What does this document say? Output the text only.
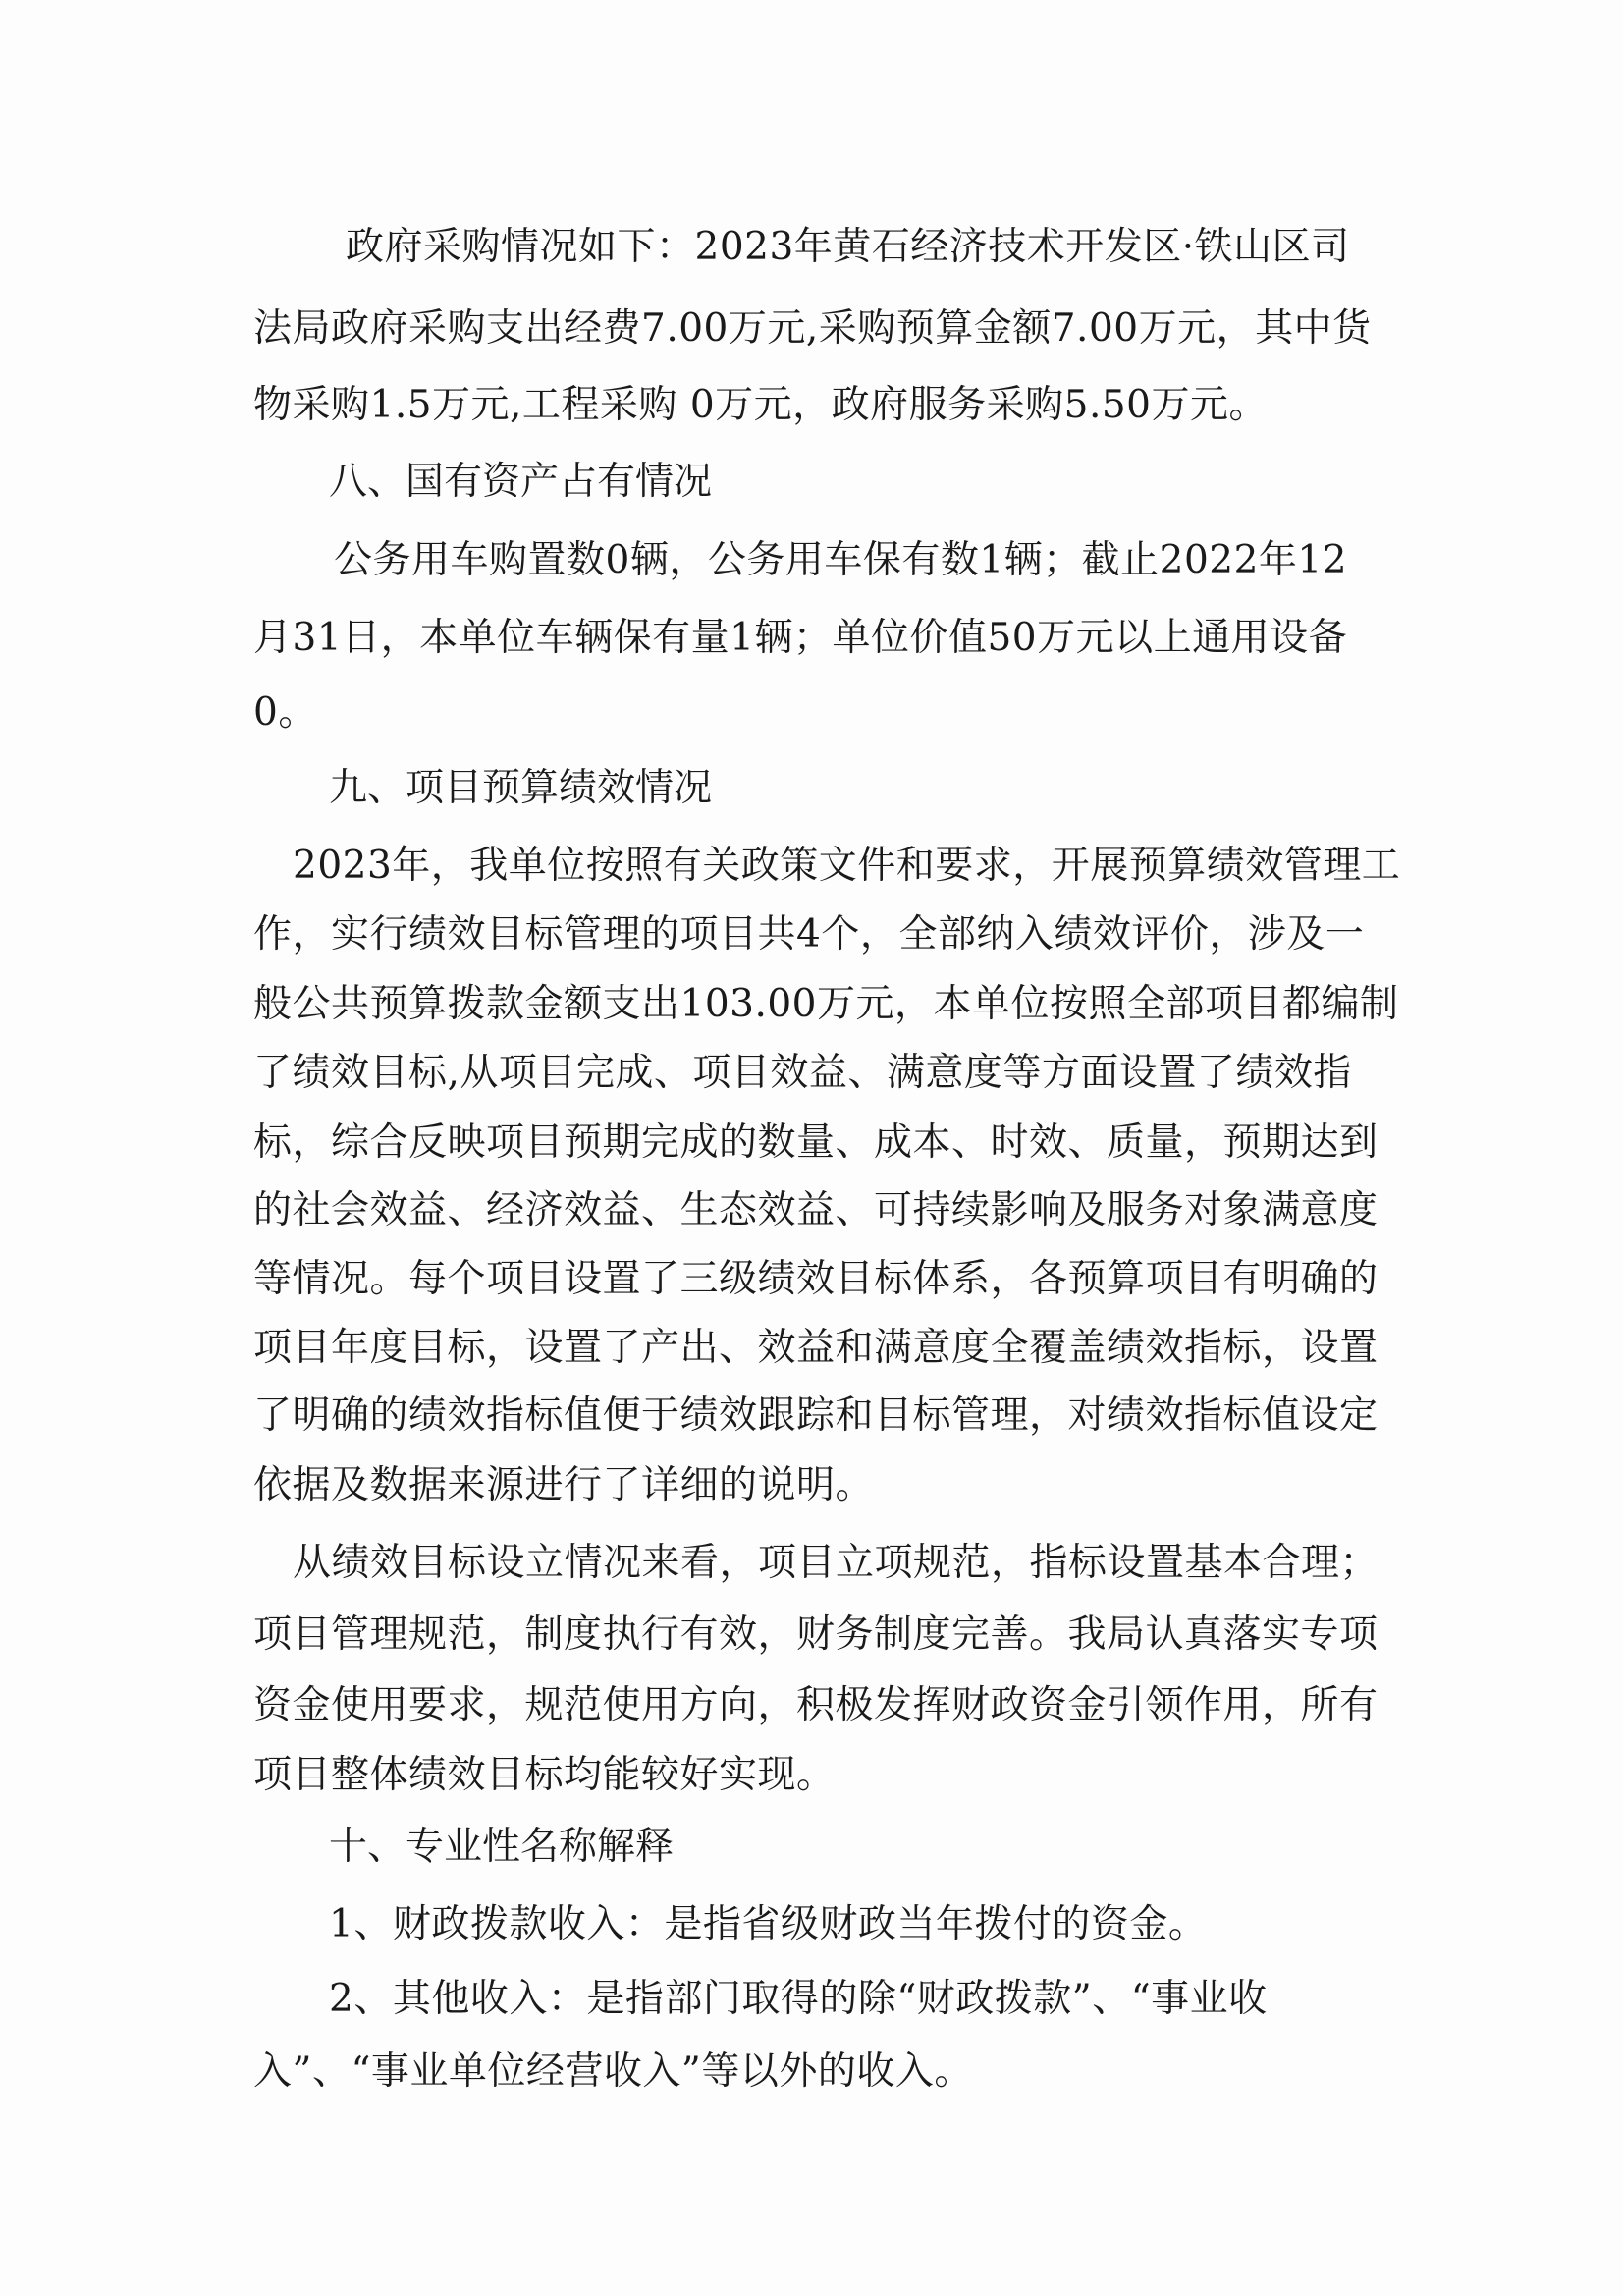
政府采购情况如下：2023年黄石经济技术开发区·铁山区司
法局政府采购支出经费7.00万元,采购预算金额7.00万元，其中货
物采购1.5万元,工程采购 0万元，政府服务采购5.50万元。
八、国有资产占有情况
公务用车购置数0辆，公务用车保有数1辆；截止2022年12
月31日，本单位车辆保有量1辆；单位价值50万元以上通用设备
0。
九、项目预算绩效情况
2023年，我单位按照有关政策文件和要求，开展预算绩效管理工
作，实行绩效目标管理的项目共4个，全部纳入绩效评价，涉及一
般公共预算拨款金额支出103.00万元，本单位按照全部项目都编制
了绩效目标,从项目完成、项目效益、满意度等方面设置了绩效指
标，综合反映项目预期完成的数量、成本、时效、质量，预期达到
的社会效益、经济效益、生态效益、可持续影响及服务对象满意度
等情况。每个项目设置了三级绩效目标体系，各预算项目有明确的
项目年度目标，设置了产出、效益和满意度全覆盖绩效指标，设置
了明确的绩效指标值便于绩效跟踪和目标管理，对绩效指标值设定
依据及数据来源进行了详细的说明。
从绩效目标设立情况来看，项目立项规范，指标设置基本合理；
项目管理规范，制度执行有效，财务制度完善。我局认真落实专项
资金使用要求，规范使用方向，积极发挥财政资金引领作用，所有
项目整体绩效目标均能较好实现。
十、专业性名称解释
1、财政拨款收入：是指省级财政当年拨付的资金。
2、其他收入：是指部门取得的除“财政拨款”、“事业收
入”、“事业单位经营收入”等以外的收入。
